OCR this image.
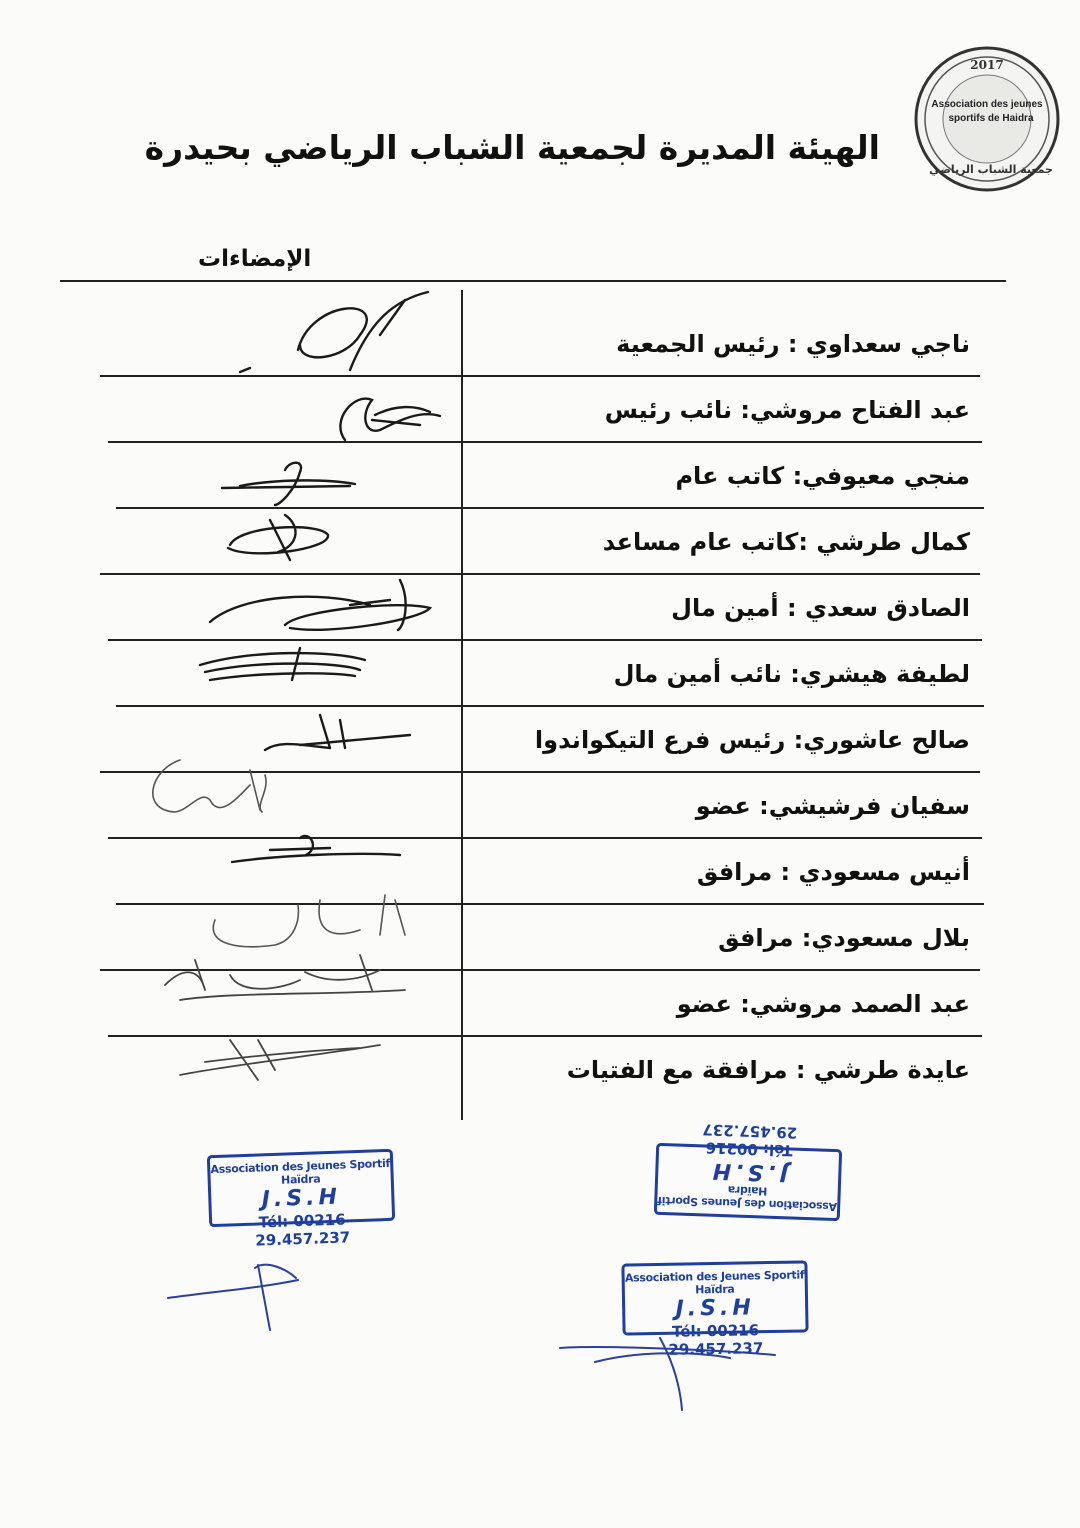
2017
Association des jeunes
sportifs de Haidra
جمعية الشباب الرياضي
الهيئة المديرة لجمعية الشباب الرياضي بحيدرة
الإمضاءات
ناجي سعداوي : رئيس الجمعية
عبد الفتاح مروشي: نائب رئيس
منجي معيوفي: كاتب عام
كمال طرشي :كاتب عام مساعد
الصادق سعدي : أمين مال
لطيفة هيشري: نائب أمين مال
صالح عاشوري: رئيس فرع التيكواندوا
سفيان فرشيشي: عضو
أنيس مسعودي : مرافق
بلال مسعودي: مرافق
عبد الصمد مروشي: عضو
عايدة طرشي : مرافقة مع الفتيات
Association des Jeunes Sportif Haïdra
J.S.H
Tél: 00216 29.457.237
Association des Jeunes Sportif Haïdra
J.S.H
Tél: 00216 29.457.237
Association des Jeunes Sportif Haïdra
J.S.H
Tél: 00216 29.457.237
